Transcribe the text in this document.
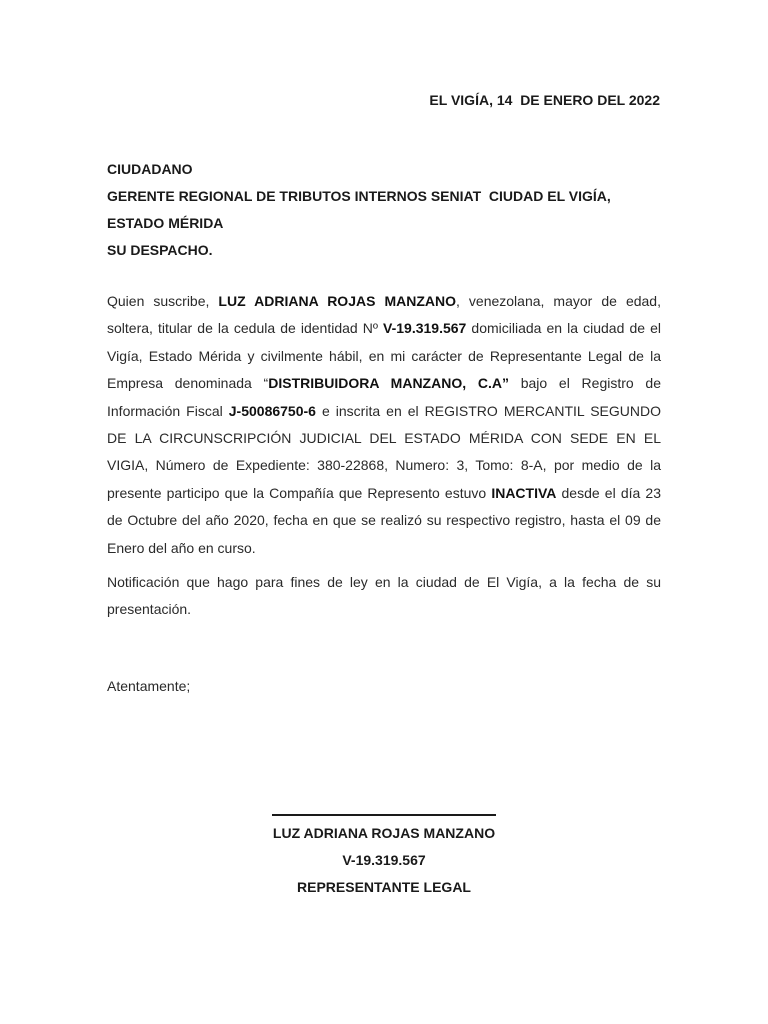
EL VIGÍA, 14  DE ENERO DEL 2022
CIUDADANO
GERENTE REGIONAL DE TRIBUTOS INTERNOS SENIAT  CIUDAD EL VIGÍA,
ESTADO MÉRIDA
SU DESPACHO.

Quien suscribe, LUZ ADRIANA ROJAS MANZANO, venezolana, mayor de edad, soltera, titular de la cedula de identidad Nº V-19.319.567 domiciliada en la ciudad de el Vigía, Estado Mérida y civilmente hábil, en mi carácter de Representante Legal de la Empresa denominada “DISTRIBUIDORA MANZANO, C.A” bajo el Registro de Información Fiscal J-50086750-6 e inscrita en el REGISTRO MERCANTIL SEGUNDO DE LA CIRCUNSCRIPCIÓN JUDICIAL DEL ESTADO MÉRIDA CON SEDE EN EL VIGIA, Número de Expediente: 380-22868, Numero: 3, Tomo: 8-A, por medio de la presente participo que la Compañía que Represento estuvo INACTIVA desde el día 23 de Octubre del año 2020, fecha en que se realizó su respectivo registro, hasta el 09 de Enero del año en curso.

Notificación que hago para fines de ley en la ciudad de El Vigía, a la fecha de su presentación.

Atentamente;
LUZ ADRIANA ROJAS MANZANO
V-19.319.567
REPRESENTANTE LEGAL
